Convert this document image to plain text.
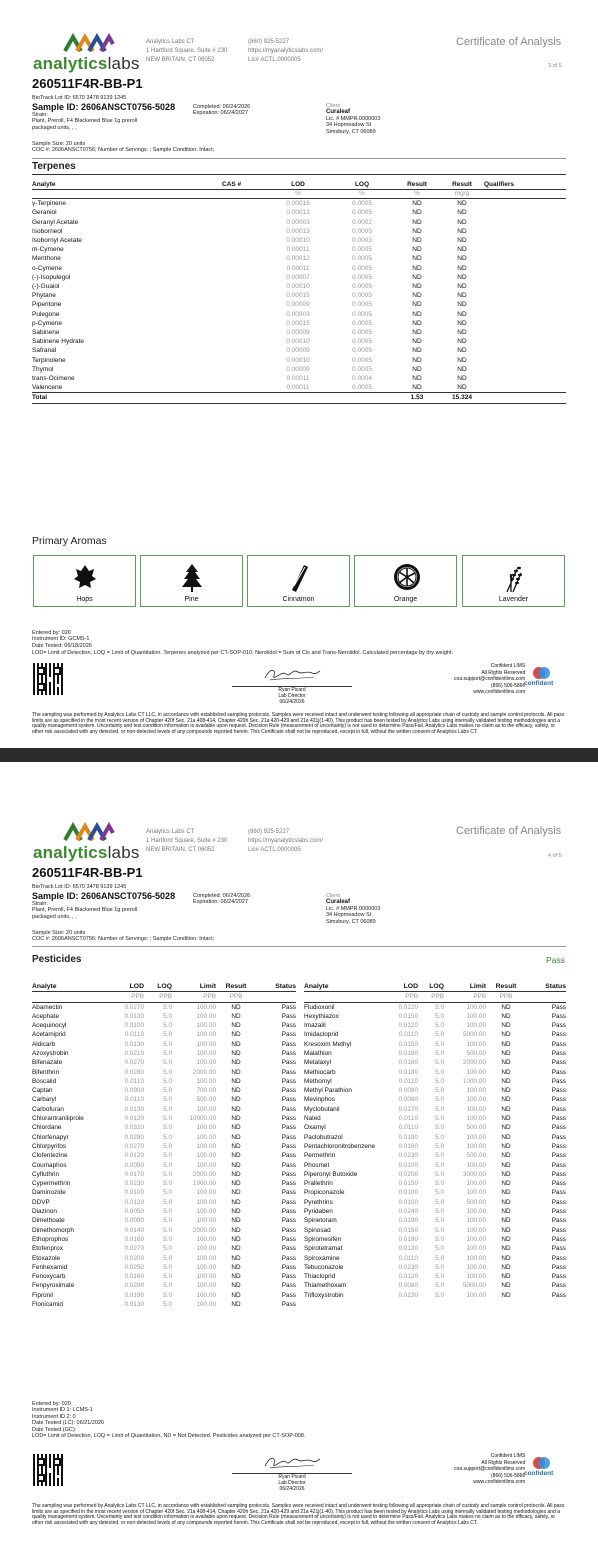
analyticslabs
Analytics Labs CT
1 Hartford Square, Suite # 230
NEW BRITAIN, CT 06052
(860) 925-5227
https://myanalyticslabs.com/
Lic# ACTL.0000005
Certificate of Analysis
3 of 5
260511F4R-BB-P1
BioTrack Lot ID: 6570 3478 9139 1245
Sample ID: 2606ANSCT0756-5028
Strain:
Plant, Preroll, F4 Blackened Blue 1g preroll
packaged units, , ,
Completed: 06/24/2026
Expiration: 06/24/2027
Client
Curaleaf
Lic. # MMPR.0000003
34 Hopmeadow St
Simsbury, CT 06089
Sample Size: 20 units
COC #: 2606ANSCT0756; Number of Servings: ; Sample Condition: Intact;
Terpenes
Analyte	CAS #	LOD	LOQ	Result	Result	Qualifiers
		%	%	%	mg/g	
γ-Terpinene		0.00016	0.0005	ND	ND	
Geraniol		0.00013	0.0005	ND	ND	
Geranyl Acetate		0.00003	0.0002	ND	ND	
Isoborneol		0.00013	0.0005	ND	ND	
Isobornyl Acetate		0.00010	0.0003	ND	ND	
m-Cymene		0.00011	0.0005	ND	ND	
Menthone		0.00012	0.0005	ND	ND	
o-Cymene		0.00011	0.0005	ND	ND	
(-)-Isopulegol		0.00007	0.0005	ND	ND	
(-)-Guaiol		0.00010	0.0005	ND	ND	
Phytane		0.00015	0.0005	ND	ND	
Piperitone		0.00009	0.0005	ND	ND	
Pulegone		0.00003	0.0005	ND	ND	
p-Cymene		0.00015	0.0005	ND	ND	
Sabinene		0.00009	0.0005	ND	ND	
Sabinene Hydrate		0.00010	0.0005	ND	ND	
Safranal		0.00009	0.0005	ND	ND	
Terpinolene		0.00010	0.0005	ND	ND	
Thymol		0.00009	0.0005	ND	ND	
trans-Ocimene		0.00011	0.0004	ND	ND	
Valencene		0.00011	0.0005	ND	ND	
Total				1.53	15.324	
Primary Aromas
Hops	Pine	Cinnamon	Orange	Lavender
Entered by: 020
Instrument ID: GCMS-1
Date Tested: 06/18/2026
LOD= Limit of Detection, LOQ = Limit of Quantitation. Terpenes analyzed per CT-SOP-010. Nerolidol = Sum of Cis and Trans-Nerolidol. Calculated percentage by dry weight.
Ryan Picard
Lab Director
06/24/2026
Confident LIMS
All Rights Reserved
coa.support@confidentlims.com
(866) 506-5866
www.confidentlims.com
confident
The sampling was performed by Analytics Labs CT LLC, in accordance with established sampling protocols. Samples were received intact and underwent testing following all appropriate chain of custody and sample control protocols. All pass limits are as specified in the most recent version of Chapter 420f Sec. 21a 408-414, Chapter 420h Sec. 21a 420-429 and 21a 421j(1-40). This product has been tested by Analytics Labs using internally validated testing methodologies and a quality management system. Uncertainty and test condition information is available upon request. Decision Rule (measurement of uncertainty) is not used to determine Pass/Fail. Analytics Labs makes no claim as to the efficacy, safety, or other risk associated with any detected, or non-detected levels of any compounds reported herein. This Certificate shall not be reproduced, except in full, without the written consent of Analytics Labs CT.
analyticslabs
Analytics Labs CT
1 Hartford Square, Suite # 230
NEW BRITAIN, CT 06052
(860) 925-5227
https://myanalyticslabs.com/
Lic# ACTL.0000005
Certificate of Analysis
4 of 5
260511F4R-BB-P1
BioTrack Lot ID: 6570 3478 9139 1245
Sample ID: 2606ANSCT0756-5028
Strain:
Plant, Preroll, F4 Blackened Blue 1g preroll
packaged units, , ,
Completed: 06/24/2026
Expiration: 06/24/2027
Client
Curaleaf
Lic. # MMPR.0000003
34 Hopmeadow St
Simsbury, CT 06089
Sample Size: 20 units
COC #: 2606ANSCT0756; Number of Servings: ; Sample Condition: Intact;
Pesticides	Pass
Analyte	LOD	LOQ	Limit	Result	Status
	PPB	PPB	PPB	PPB	
Abamectin	0.0270	5.0	100.00	ND	Pass
Acephate	0.0130	5.0	100.00	ND	Pass
Acequinocyl	0.0100	5.0	100.00	ND	Pass
Acetamiprid	0.0110	5.0	100.00	ND	Pass
Aldicarb	0.0130	5.0	100.00	ND	Pass
Azoxystrobin	0.0210	5.0	100.00	ND	Pass
Bifenazate	0.0270	5.0	100.00	ND	Pass
Bifenthrin	0.0280	5.0	2000.00	ND	Pass
Boscalid	0.0110	5.0	100.00	ND	Pass
Captan	0.0900	5.0	700.00	ND	Pass
Carbaryl	0.0110	5.0	500.00	ND	Pass
Carbofuran	0.0130	5.0	100.00	ND	Pass
Chlorantraniliprole	0.0120	5.0	10000.00	ND	Pass
Chlordane	0.0320	5.0	100.00	ND	Pass
Chlorfenapyr	0.0280	5.0	100.00	ND	Pass
Chlorpyrifos	0.0270	5.0	100.00	ND	Pass
Clofentezine	0.0120	5.0	100.00	ND	Pass
Coumaphos	0.0090	5.0	100.00	ND	Pass
Cyfluthrin	0.0170	5.0	2000.00	ND	Pass
Cypermethrin	0.0230	5.0	1000.00	ND	Pass
Daminozide	0.0100	5.0	100.00	ND	Pass
DDVP	0.0120	5.0	100.00	ND	Pass
Diazinon	0.0050	5.0	100.00	ND	Pass
Dimethoate	0.0090	5.0	100.00	ND	Pass
Dimethomorph	0.0140	5.0	2000.00	ND	Pass
Ethoprophos	0.0160	5.0	100.00	ND	Pass
Etofenprox	0.0270	5.0	100.00	ND	Pass
Etoxazole	0.0200	5.0	100.00	ND	Pass
Fenhexamid	0.0250	5.0	100.00	ND	Pass
Fenoxycarb	0.0160	5.0	100.00	ND	Pass
Fenpyroximate	0.0290	5.0	100.00	ND	Pass
Fipronil	0.0190	5.0	100.00	ND	Pass
Flonicamid	0.0130	5.0	100.00	ND	Pass
Analyte	LOD	LOQ	Limit	Result	Status
	PPB	PPB	PPB	PPB	
Fludioxonil	0.0220	5.0	100.00	ND	Pass
Hexythiazox	0.0150	5.0	100.00	ND	Pass
Imazalil	0.0120	5.0	100.00	ND	Pass
Imidacloprid	0.0110	5.0	5000.00	ND	Pass
Kresoxim Methyl	0.0150	5.0	100.00	ND	Pass
Malathion	0.0180	5.0	500.00	ND	Pass
Metalaxyl	0.0160	5.0	2000.00	ND	Pass
Methiocarb	0.0180	5.0	100.00	ND	Pass
Methomyl	0.0110	5.0	1000.00	ND	Pass
Methyl Parathion	0.0080	5.0	100.00	ND	Pass
Mevinphos	0.0080	5.0	100.00	ND	Pass
Myclobutanil	0.0170	5.0	100.00	ND	Pass
Naled	0.0110	5.0	100.00	ND	Pass
Oxamyl	0.0110	5.0	500.00	ND	Pass
Paclobutrazol	0.0190	5.0	100.00	ND	Pass
Pentachloronitrobenzene	0.0160	5.0	100.00	ND	Pass
Permethrin	0.0230	5.0	500.00	ND	Pass
Phosmet	0.0100	5.0	100.00	ND	Pass
Piperonyl Butoxide	0.0200	5.0	3000.00	ND	Pass
Prallethrin	0.0150	5.0	100.00	ND	Pass
Propiconazole	0.0100	5.0	100.00	ND	Pass
Pyrethrins	0.0100	5.0	500.00	ND	Pass
Pyridaben	0.0240	5.0	100.00	ND	Pass
Spinetoram	0.0190	5.0	100.00	ND	Pass
Spinosad	0.0150	5.0	100.00	ND	Pass
Spiromesifen	0.0190	5.0	100.00	ND	Pass
Spirotetramat	0.0130	5.0	100.00	ND	Pass
Spiroxamine	0.0110	5.0	100.00	ND	Pass
Tebuconazole	0.0230	5.0	100.00	ND	Pass
Thiacloprid	0.0120	5.0	100.00	ND	Pass
Thiamethoxam	0.0080	5.0	5000.00	ND	Pass
Trifloxystrobin	0.0230	5.0	100.00	ND	Pass
Entered by: 020
Instrument ID 1: LCMS-1
Instrument ID 2: 0
Date Tested (LC): 06/21/2026
Date Tested (GC):
LOD= Limit of Detection, LOQ = Limit of Quantitation, ND = Not Detected. Pesticides analyzed per CT-SOP-008.
Ryan Picard
Lab Director
06/24/2026
Confident LIMS
All Rights Reserved
coa.support@confidentlims.com
(866) 506-5866
www.confidentlims.com
confident
The sampling was performed by Analytics Labs CT LLC, in accordance with established sampling protocols. Samples were received intact and underwent testing following all appropriate chain of custody and sample control protocols. All pass limits are as specified in the most recent version of Chapter 420f Sec. 21a 408-414, Chapter 420h Sec. 21a 420-429 and 21a 421j(1-40). This product has been tested by Analytics Labs using internally validated testing methodologies and a quality management system. Uncertainty and test condition information is available upon request. Decision Rule (measurement of uncertainty) is not used to determine Pass/Fail. Analytics Labs makes no claim as to the efficacy, safety, or other risk associated with any detected, or non-detected levels of any compounds reported herein. This Certificate shall not be reproduced, except in full, without the written consent of Analytics Labs CT.
